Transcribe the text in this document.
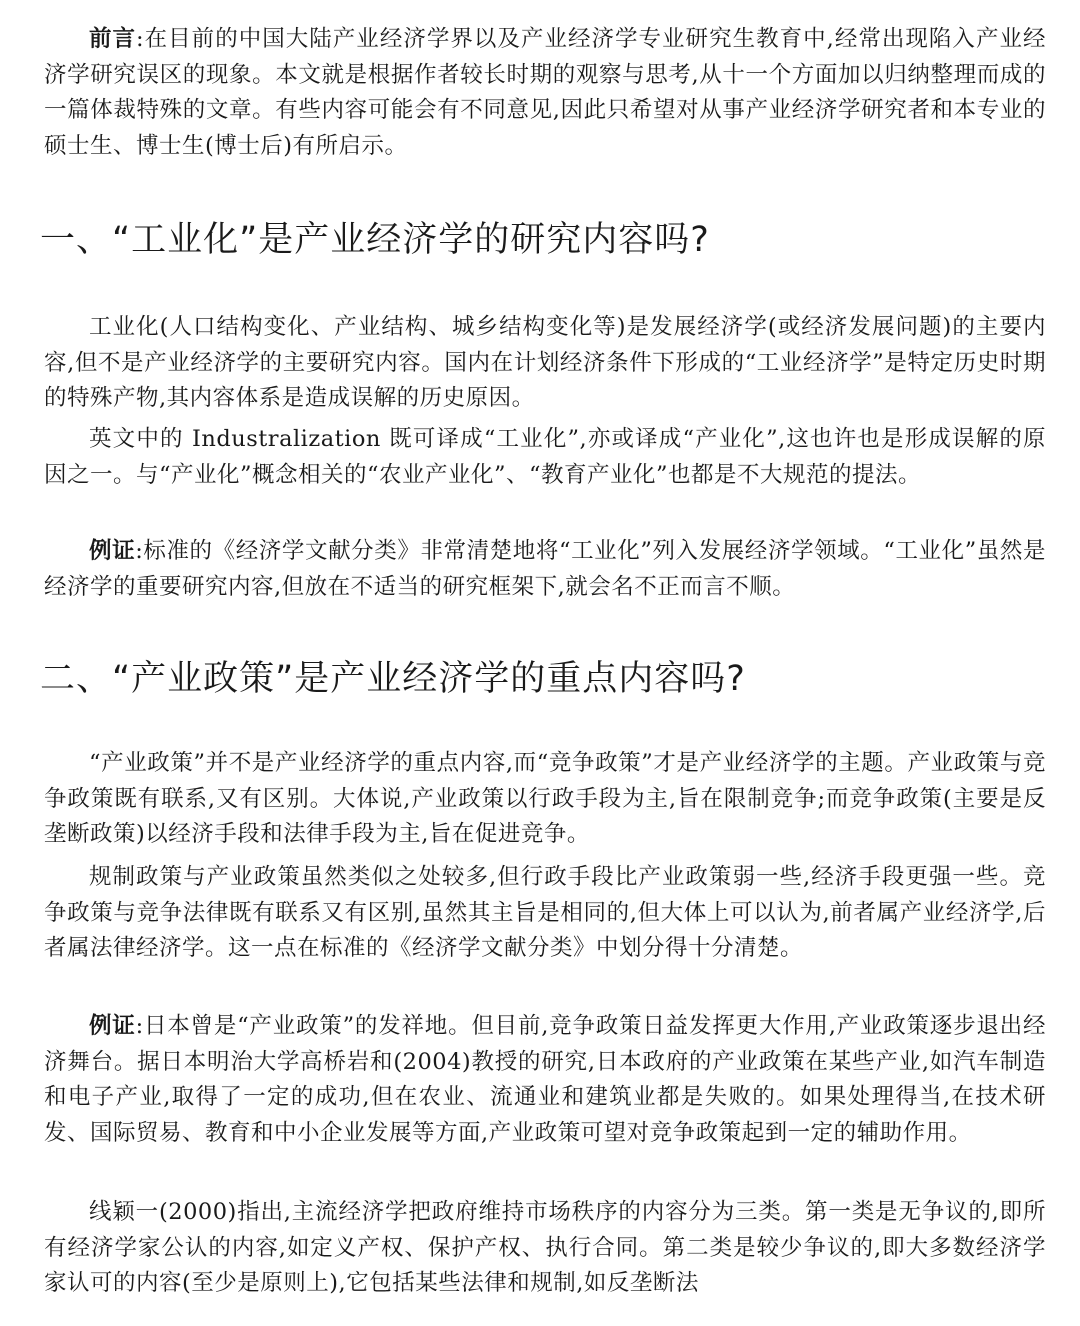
前言:在目前的中国大陆产业经济学界以及产业经济学专业研究生教育中,经常出现陷入产业经济学研究误区的现象。本文就是根据作者较长时期的观察与思考,从十一个方面加以归纳整理而成的一篇体裁特殊的文章。有些内容可能会有不同意见,因此只希望对从事产业经济学研究者和本专业的硕士生、博士生(博士后)有所启示。

一、“工业化”是产业经济学的研究内容吗?

工业化(人口结构变化、产业结构、城乡结构变化等)是发展经济学(或经济发展问题)的主要内容,但不是产业经济学的主要研究内容。国内在计划经济条件下形成的“工业经济学”是特定历史时期的特殊产物,其内容体系是造成误解的历史原因。

英文中的 Industralization 既可译成“工业化”,亦或译成“产业化”,这也许也是形成误解的原因之一。与“产业化”概念相关的“农业产业化”、“教育产业化”也都是不大规范的提法。

例证:标准的《经济学文献分类》非常清楚地将“工业化”列入发展经济学领域。“工业化”虽然是经济学的重要研究内容,但放在不适当的研究框架下,就会名不正而言不顺。

二、“产业政策”是产业经济学的重点内容吗?

“产业政策”并不是产业经济学的重点内容,而“竞争政策”才是产业经济学的主题。产业政策与竞争政策既有联系,又有区别。大体说,产业政策以行政手段为主,旨在限制竞争;而竞争政策(主要是反垄断政策)以经济手段和法律手段为主,旨在促进竞争。

规制政策与产业政策虽然类似之处较多,但行政手段比产业政策弱一些,经济手段更强一些。竞争政策与竞争法律既有联系又有区别,虽然其主旨是相同的,但大体上可以认为,前者属产业经济学,后者属法律经济学。这一点在标准的《经济学文献分类》中划分得十分清楚。

例证:日本曾是“产业政策”的发祥地。但目前,竞争政策日益发挥更大作用,产业政策逐步退出经济舞台。据日本明治大学高桥岩和(2004)教授的研究,日本政府的产业政策在某些产业,如汽车制造和电子产业,取得了一定的成功,但在农业、流通业和建筑业都是失败的。如果处理得当,在技术研发、国际贸易、教育和中小企业发展等方面,产业政策可望对竞争政策起到一定的辅助作用。

线颖一(2000)指出,主流经济学把政府维持市场秩序的内容分为三类。第一类是无争议的,即所有经济学家公认的内容,如定义产权、保护产权、执行合同。第二类是较少争议的,即大多数经济学家认可的内容(至少是原则上),它包括某些法律和规制,如反垄断法
